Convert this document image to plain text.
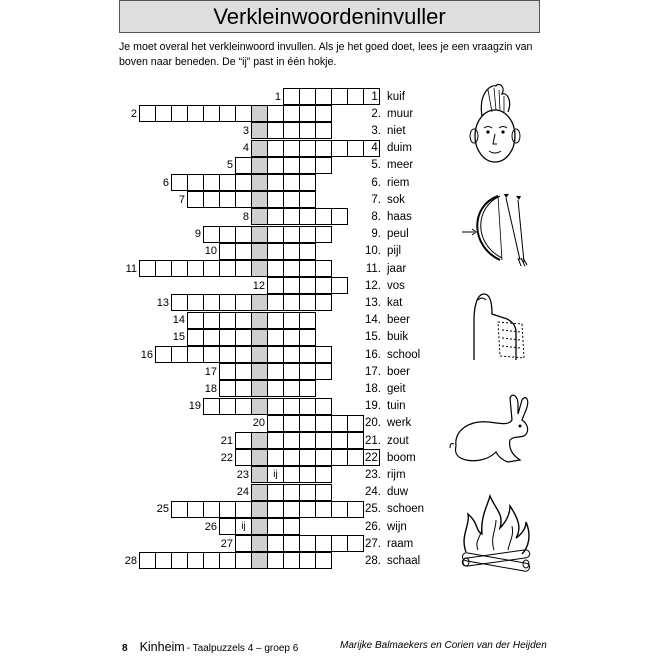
Verkleinwoordeninvuller
Je moet overal het verkleinwoord invullen. Als je het goed doet, lees je een vraagzin van boven naar beneden. De “ij” past in één hokje.
1
2
3
4
5
6
7
8
9
10
11
12
13
14
15
16
17
18
19
20
21
22
23	ij
24
25
26	ij
27
28
1. kuif
2. muur
3. niet
4. duim
5. meer
6. riem
7. sok
8. haas
9. peul
10. pijl
11. jaar
12. vos
13. kat
14. beer
15. buik
16. school
17. boer
18. geit
19. tuin
20. werk
21. zout
22. boom
23. rijm
24. duw
25. schoen
26. wijn
27. raam
28. schaal
8 Kinheim - Taalpuzzels 4 – groep 6	Marijke Balmaekers en Corien van der Heijden
